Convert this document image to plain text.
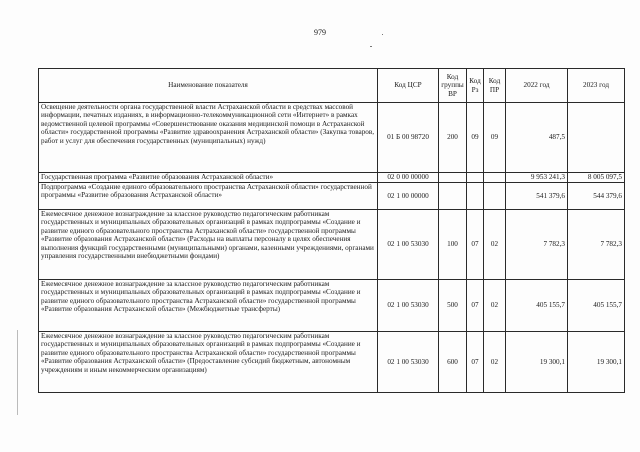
979
Наименование показателя	Код ЦСР	Код группы ВР	Код Рз	Код ПР	2022 год	2023 год
Освещение деятельности органа государственной власти Астраханской области в средствах массовой информации, печатных изданиях, в информационно-телекоммуникационной сети «Интернет» в рамках ведомственной целевой программы «Совершенствование оказания медицинской помощи в Астраханской области» государственной программы «Развитие здравоохранения Астраханской области» (Закупка товаров, работ и услуг для обеспечения государственных (муниципальных) нужд)	01 Б 00 98720	200	09	09	487,5	
Государственная программа «Развитие образования Астраханской области»	02 0 00 00000				9 953 241,3	8 005 097,5
Подпрограмма «Создание единого образовательного пространства Астраханской области» государственной программы «Развитие образования Астраханской области»	02 1 00 00000				541 379,6	544 379,6
Ежемесячное денежное вознаграждение за классное руководство педагогическим работникам государственных и муниципальных образовательных организаций в рамках подпрограммы «Создание и развитие единого образовательного пространства Астраханской области» государственной программы «Развитие образования Астраханской области» (Расходы на выплаты персоналу в целях обеспечения выполнения функций государственными (муниципальными) органами, казенными учреждениями, органами управления государственными внебюджетными фондами)	02 1 00 53030	100	07	02	7 782,3	7 782,3
Ежемесячное денежное вознаграждение за классное руководство педагогическим работникам государственных и муниципальных образовательных организаций в рамках подпрограммы «Создание и развитие единого образовательного пространства Астраханской области» государственной программы «Развитие образования Астраханской области» (Межбюджетные трансферты)	02 1 00 53030	500	07	02	405 155,7	405 155,7
Ежемесячное денежное вознаграждение за классное руководство педагогическим работникам государственных и муниципальных образовательных организаций в рамках подпрограммы «Создание и развитие единого образовательного пространства Астраханской области» государственной программы «Развитие образования Астраханской области» (Предоставление субсидий бюджетным, автономным учреждениям и иным некоммерческим организациям)	02 1 00 53030	600	07	02	19 300,1	19 300,1
